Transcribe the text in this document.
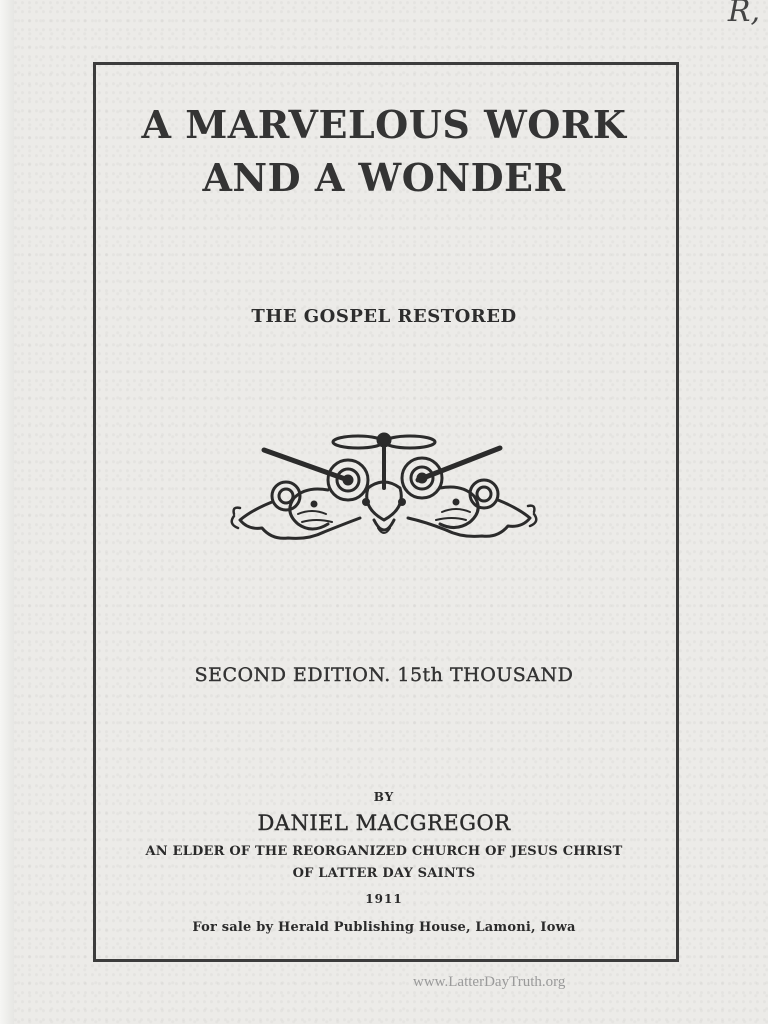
R,
A MARVELOUS WORK
AND A WONDER
THE GOSPEL RESTORED
SECOND EDITION. 15th THOUSAND
BY
DANIEL MACGREGOR
AN ELDER OF THE REORGANIZED CHURCH OF JESUS CHRIST
OF LATTER DAY SAINTS
1911
For sale by Herald Publishing House, Lamoni, Iowa
www.LatterDayTruth.org
